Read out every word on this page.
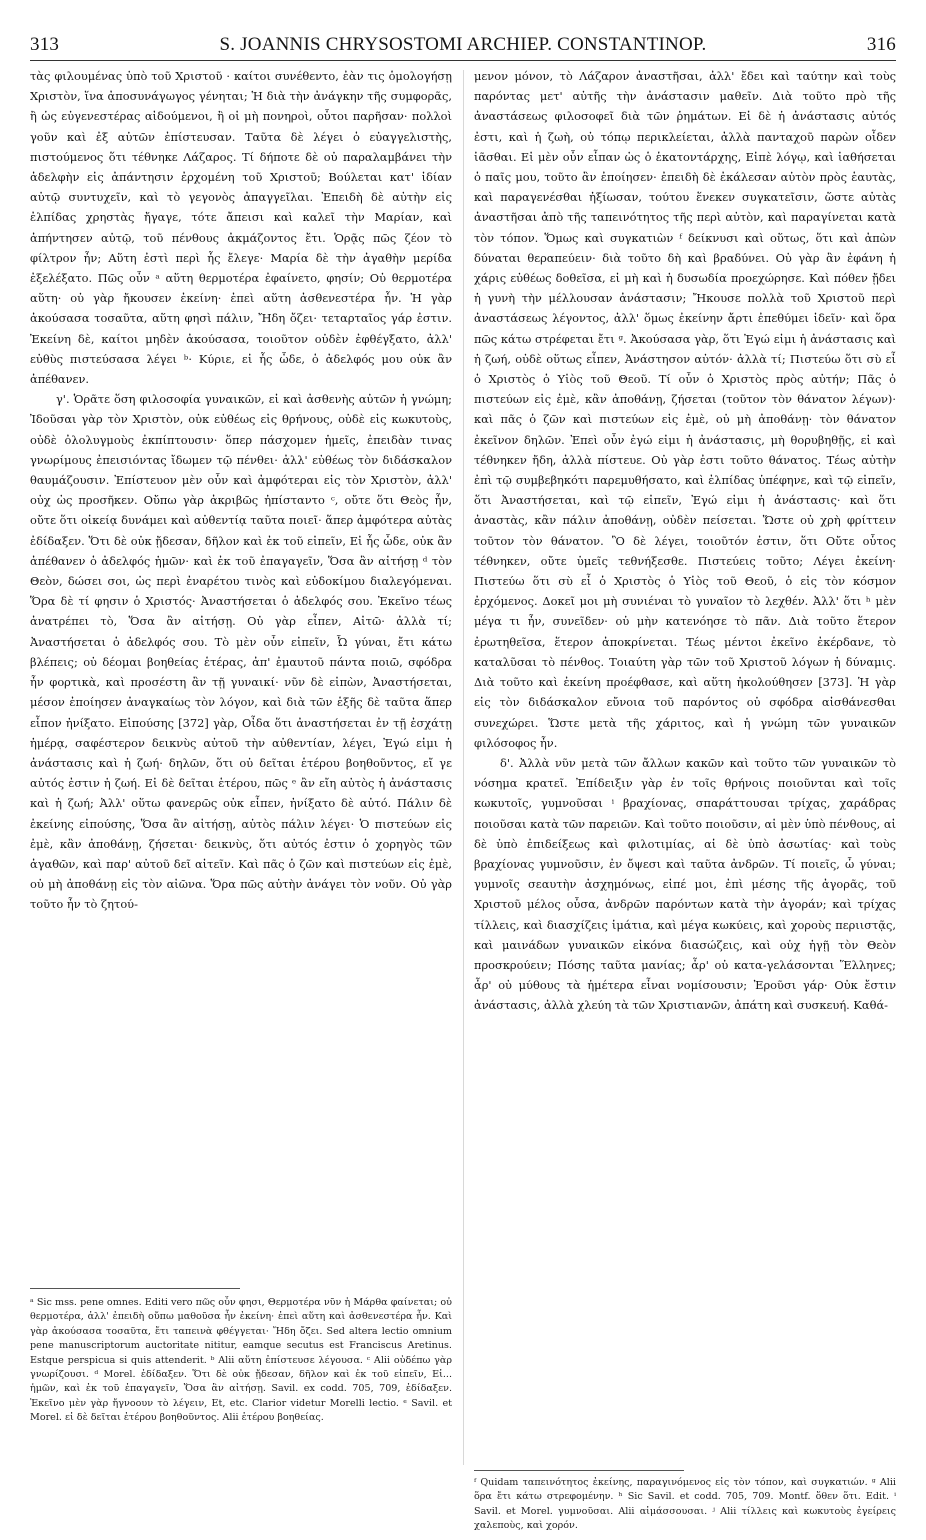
313	S. JOANNIS CHRYSOSTOMI ARCHIEP. CONSTANTINOP.	316

τὰς φιλουμένας ὑπὸ τοῦ Χριστοῦ · καίτοι συνέθεντο, ἐὰν τις ὁμολογήσῃ Χριστὸν, ἵνα ἀποσυνάγωγος γένηται; Ἡ διὰ τὴν ἀνάγκην τῆς συμφορᾶς, ἢ ὡς εὐγενεστέρας αἰδούμενοι, ἢ οἱ μὴ πονηροὶ, οὗτοι παρῆσαν· πολλοὶ γοῦν καὶ ἐξ αὐτῶν ἐπίστευσαν. Ταῦτα δὲ λέγει ὁ εὐαγγελιστὴς, πιστούμενος ὅτι τέθνηκε Λάζαρος. Τί δήποτε δὲ οὐ παραλαμβάνει τὴν ἀδελφὴν εἰς ἀπάντησιν ἐρχομένη τοῦ Χριστοῦ; Βούλεται κατ' ἰδίαν αὐτῷ συντυχεῖν, καὶ τὸ γεγονὸς ἀπαγγεῖλαι. Ἐπειδὴ δὲ αὐτὴν εἰς ἐλπίδας χρηστὰς ἤγαγε, τότε ἄπεισι καὶ καλεῖ τὴν Μαρίαν, καὶ ἀπήντησεν αὐτῷ, τοῦ πένθους ἀκμάζοντος ἔτι. Ὁρᾷς πῶς ζέον τὸ φίλτρον ἦν; Αὕτη ἐστὶ περὶ ἧς ἔλεγε· Μαρία δὲ τὴν ἀγαθὴν μερίδα ἐξελέξατο. Πῶς οὖν ᵃ αὕτη θερμοτέρα ἐφαίνετο, φησίν; Οὐ θερμοτέρα αὕτη· οὐ γὰρ ἤκουσεν ἐκείνη· ἐπεὶ αὕτη ἀσθενεστέρα ἦν. Ἡ γὰρ ἀκούσασα τοσαῦτα, αὕτη φησὶ πάλιν, Ἤδη ὄζει· τεταρταῖος γάρ ἐστιν. Ἐκείνη δὲ, καίτοι μηδὲν ἀκούσασα, τοιοῦτον οὐδὲν ἐφθέγξατο, ἀλλ' εὐθὺς πιστεύσασα λέγει ᵇ· Κύριε, εἰ ἦς ὧδε, ὁ ἀδελφός μου οὐκ ἂν ἀπέθανεν.

γ'. Ὁρᾶτε ὅση φιλοσοφία γυναικῶν, εἰ καὶ ἀσθενὴς αὐτῶν ἡ γνώμη; Ἰδοῦσαι γὰρ τὸν Χριστὸν, οὐκ εὐθέως εἰς θρήνους, οὐδὲ εἰς κωκυτοὺς, οὐδὲ ὀλολυγμοὺς ἐκπίπτουσιν· ὅπερ πάσχομεν ἡμεῖς, ἐπειδὰν τινας γνωρίμους ἐπεισιόντας ἴδωμεν τῷ πένθει· ἀλλ' εὐθέως τὸν διδάσκαλον θαυμάζουσιν. Ἐπίστευον μὲν οὖν καὶ ἀμφότεραι εἰς τὸν Χριστὸν, ἀλλ' οὐχ ὡς προσῆκεν. Οὔπω γὰρ ἀκριβῶς ἠπίσταντο ᶜ, οὔτε ὅτι Θεὸς ἦν, οὔτε ὅτι οἰκείᾳ δυνάμει καὶ αὐθεντίᾳ ταῦτα ποιεῖ· ἅπερ ἀμφότερα αὐτὰς ἐδίδαξεν. Ὅτι δὲ οὐκ ᾔδεσαν, δῆλον καὶ ἐκ τοῦ εἰπεῖν, Εἰ ἦς ὧδε, οὐκ ἂν ἀπέθανεν ὁ ἀδελφός ἡμῶν· καὶ ἐκ τοῦ ἐπαγαγεῖν, Ὅσα ἂν αἰτήσῃ ᵈ τὸν Θεὸν, δώσει σοι, ὡς περὶ ἐναρέτου τινὸς καὶ εὐδοκίμου διαλεγόμεναι. Ὅρα δὲ τί φησιν ὁ Χριστός· Ἀναστήσεται ὁ ἀδελφός σου. Ἐκεῖνο τέως ἀνατρέπει τὸ, Ὅσα ἂν αἰτήσῃ. Οὐ γὰρ εἶπεν, Αἰτῶ· ἀλλὰ τί; Ἀναστήσεται ὁ ἀδελφός σου. Τὸ μὲν οὖν εἰπεῖν, Ὦ γύναι, ἔτι κάτω βλέπεις; οὐ δέομαι βοηθείας ἑτέρας, ἀπ' ἐμαυτοῦ πάντα ποιῶ, σφόδρα ἦν φορτικὰ, καὶ προσέστη ἂν τῇ γυναικί· νῦν δὲ εἰπὼν, Ἀναστήσεται, μέσον ἐποίησεν ἀναγκαίως τὸν λόγον, καὶ διὰ τῶν ἑξῆς δὲ ταῦτα ἅπερ εἶπον ἠνίξατο. Εἰπούσης [372] γὰρ, Οἶδα ὅτι ἀναστήσεται ἐν τῇ ἐσχάτῃ ἡμέρᾳ, σαφέστερον δεικνὺς αὐτοῦ τὴν αὐθεντίαν, λέγει, Ἐγώ εἰμι ἡ ἀνάστασις καὶ ἡ ζωή· δηλῶν, ὅτι οὐ δεῖται ἑτέρου βοηθοῦντος, εἴ γε αὐτός ἐστιν ἡ ζωή. Εἰ δὲ δεῖται ἑτέρου, πῶς ᵉ ἂν εἴη αὐτὸς ἡ ἀνάστασις καὶ ἡ ζωή; Ἀλλ' οὕτω φανερῶς οὐκ εἶπεν, ἠνίξατο δὲ αὐτό. Πάλιν δὲ ἐκείνης εἰπούσης, Ὅσα ἂν αἰτήσῃ, αὐτὸς πάλιν λέγει· Ὁ πιστεύων εἰς ἐμὲ, κἂν ἀποθάνῃ, ζήσεται· δεικνὺς, ὅτι αὐτός ἐστιν ὁ χορηγὸς τῶν ἀγαθῶν, καὶ παρ' αὐτοῦ δεῖ αἰτεῖν. Καὶ πᾶς ὁ ζῶν καὶ πιστεύων εἰς ἐμὲ, οὐ μὴ ἀποθάνῃ εἰς τὸν αἰῶνα. Ὅρα πῶς αὐτὴν ἀνάγει τὸν νοῦν. Οὐ γὰρ τοῦτο ἦν τὸ ζητού-

μενον μόνον, τὸ Λάζαρον ἀναστῆσαι, ἀλλ' ἔδει καὶ ταύτην καὶ τοὺς παρόντας μετ' αὐτῆς τὴν ἀνάστασιν μαθεῖν. Διὰ τοῦτο πρὸ τῆς ἀναστάσεως φιλοσοφεῖ διὰ τῶν ῥημάτων. Εἰ δὲ ἡ ἀνάστασις αὐτός ἐστι, καὶ ἡ ζωὴ, οὐ τόπῳ περικλείεται, ἀλλὰ πανταχοῦ παρὼν οἶδεν ἰᾶσθαι. Εἰ μὲν οὖν εἶπαν ὡς ὁ ἑκατοντάρχης, Εἰπὲ λόγῳ, καὶ ἰαθήσεται ὁ παῖς μου, τοῦτο ἂν ἐποίησεν· ἐπειδὴ δὲ ἐκάλεσαν αὐτὸν πρὸς ἑαυτὰς, καὶ παραγενέσθαι ἠξίωσαν, τούτου ἕνεκεν συγκατεῖσιν, ὥστε αὐτὰς ἀναστῆσαι ἀπὸ τῆς ταπεινότητος τῆς περὶ αὐτὸν, καὶ παραγίνεται κατὰ τὸν τόπον. Ὅμως καὶ συγκατιὼν ᶠ δείκνυσι καὶ οὕτως, ὅτι καὶ ἀπὼν δύναται θεραπεύειν· διὰ τοῦτο δὴ καὶ βραδύνει. Οὐ γὰρ ἂν ἐφάνη ἡ χάρις εὐθέως δοθεῖσα, εἰ μὴ καὶ ἡ δυσωδία προεχώρησε. Καὶ πόθεν ᾔδει ἡ γυνὴ τὴν μέλλουσαν ἀνάστασιν; Ἤκουσε πολλὰ τοῦ Χριστοῦ περὶ ἀναστάσεως λέγοντος, ἀλλ' ὅμως ἐκείνην ἄρτι ἐπεθύμει ἰδεῖν· καὶ ὅρα πῶς κάτω στρέφεται ἔτι ᵍ. Ἀκούσασα γὰρ, ὅτι Ἐγώ εἰμι ἡ ἀνάστασις καὶ ἡ ζωή, οὐδὲ οὕτως εἶπεν, Ἀνάστησον αὐτόν· ἀλλὰ τί; Πιστεύω ὅτι σὺ εἶ ὁ Χριστὸς ὁ Υἱὸς τοῦ Θεοῦ. Τί οὖν ὁ Χριστὸς πρὸς αὐτήν; Πᾶς ὁ πιστεύων εἰς ἐμὲ, κἂν ἀποθάνῃ, ζήσεται (τοῦτον τὸν θάνατον λέγων)· καὶ πᾶς ὁ ζῶν καὶ πιστεύων εἰς ἐμὲ, οὐ μὴ ἀποθάνῃ· τὸν θάνατον ἐκεῖνον δηλῶν. Ἐπεὶ οὖν ἐγώ εἰμι ἡ ἀνάστασις, μὴ θορυβηθῇς, εἰ καὶ τέθνηκεν ἤδη, ἀλλὰ πίστευε. Οὐ γὰρ ἐστι τοῦτο θάνατος. Τέως αὐτὴν ἐπὶ τῷ συμβεβηκότι παρεμυθήσατο, καὶ ἐλπίδας ὑπέφηνε, καὶ τῷ εἰπεῖν, ὅτι Ἀναστήσεται, καὶ τῷ εἰπεῖν, Ἐγώ εἰμι ἡ ἀνάστασις· καὶ ὅτι ἀναστὰς, κἂν πάλιν ἀποθάνῃ, οὐδὲν πείσεται. Ὥστε οὐ χρὴ φρίττειν τοῦτον τὸν θάνατον. Ὃ δὲ λέγει, τοιοῦτόν ἐστιν, ὅτι Οὔτε οὗτος τέθνηκεν, οὔτε ὑμεῖς τεθνήξεσθε. Πιστεύεις τοῦτο; Λέγει ἐκείνη· Πιστεύω ὅτι σὺ εἶ ὁ Χριστὸς ὁ Υἱὸς τοῦ Θεοῦ, ὁ εἰς τὸν κόσμον ἐρχόμενος. Δοκεῖ μοι μὴ συνιέναι τὸ γυναῖον τὸ λεχθέν. Ἀλλ' ὅτι ʰ μὲν μέγα τι ἦν, συνεῖδεν· οὐ μὴν κατενόησε τὸ πᾶν. Διὰ τοῦτο ἕτερον ἐρωτηθεῖσα, ἕτερον ἀποκρίνεται. Τέως μέντοι ἐκεῖνο ἐκέρδανε, τὸ καταλῦσαι τὸ πένθος. Τοιαύτη γὰρ τῶν τοῦ Χριστοῦ λόγων ἡ δύναμις. Διὰ τοῦτο καὶ ἐκείνη προέφθασε, καὶ αὕτη ἠκολούθησεν [373]. Ἡ γὰρ εἰς τὸν διδάσκαλον εὔνοια τοῦ παρόντος οὐ σφόδρα αἰσθάνεσθαι συνεχώρει. Ὥστε μετὰ τῆς χάριτος, καὶ ἡ γνώμη τῶν γυναικῶν φιλόσοφος ἦν.

δ'. Ἀλλὰ νῦν μετὰ τῶν ἄλλων κακῶν καὶ τοῦτο τῶν γυναικῶν τὸ νόσημα κρατεῖ. Ἐπίδειξιν γὰρ ἐν τοῖς θρήνοις ποιοῦνται καὶ τοῖς κωκυτοῖς, γυμνοῦσαι ⁱ βραχίονας, σπαράττουσαι τρίχας, χαράδρας ποιοῦσαι κατὰ τῶν παρειῶν. Καὶ τοῦτο ποιοῦσιν, αἱ μὲν ὑπὸ πένθους, αἱ δὲ ὑπὸ ἐπιδείξεως καὶ φιλοτιμίας, αἱ δὲ ὑπὸ ἀσωτίας· καὶ τοὺς βραχίονας γυμνοῦσιν, ἐν ὄψεσι καὶ ταῦτα ἀνδρῶν. Τί ποιεῖς, ὦ γύναι; γυμνοῖς σεαυτὴν ἀσχημόνως, εἰπέ μοι, ἐπὶ μέσης τῆς ἀγορᾶς, τοῦ Χριστοῦ μέλος οὖσα, ἀνδρῶν παρόντων κατὰ τὴν ἀγοράν; καὶ τρίχας τίλλεις, καὶ διασχίζεις ἱμάτια, καὶ μέγα κωκύεις, καὶ χοροὺς περιιστᾷς, καὶ μαινάδων γυναικῶν εἰκόνα διασώζεις, καὶ οὐχ ἡγῇ τὸν Θεὸν προσκρούειν; Πόσης ταῦτα μανίας; ἆρ' οὐ κατα-γελάσονται Ἕλληνες; ἆρ' οὐ μύθους τὰ ἡμέτερα εἶναι νομίσουσιν; Ἐροῦσι γάρ· Οὐκ ἔστιν ἀνάστασις, ἀλλὰ χλεύη τὰ τῶν Χριστιανῶν, ἀπάτη καὶ συσκευή. Καθά-

ᵃ Sic mss. pene omnes. Editi vero πῶς οὖν φησι, Θερμοτέρα νῦν ἡ Μάρθα φαίνεται; οὐ θερμοτέρα, ἀλλ' ἐπειδὴ οὔπω μαθοῦσα ἦν ἐκείνη· ἐπεὶ αὕτη καὶ ἀσθενεστέρα ἦν. Καὶ γὰρ ἀκούσασα τοσαῦτα, ἔτι ταπεινὰ φθέγγεται· Ἤδη ὄζει. Sed altera lectio omnium pene manuscriptorum auctoritate nititur, eamque secutus est Franciscus Aretinus. Estque perspicua si quis attenderit. ᵇ Alii αὕτη ἐπίστευσε λέγουσα. ᶜ Alii οὐδέπω γὰρ γνωρίζουσι. ᵈ Morel. ἐδίδαξεν. Ὅτι δὲ οὐκ ᾔδεσαν, δῆλον καὶ ἐκ τοῦ εἰπεῖν, Εἰ... ἡμῶν, καὶ ἐκ τοῦ ἐπαγαγεῖν, Ὅσα ἂν αἰτήσῃ. Savil. ex codd. 705, 709, ἐδίδαξεν. Ἐκεῖνο μὲν γὰρ ἤγνοουν τὸ λέγειν, Et, etc. Clarior videtur Morelli lectio. ᵉ Savil. et Morel. εἰ δὲ δεῖται ἑτέρου βοηθοῦντος. Alii ἑτέρου βοηθείας.

ᶠ Quidam ταπεινότητος ἐκείνης, παραγινόμενος εἰς τὸν τόπον, καὶ συγκατιών. ᵍ Alii ὅρα ἔτι κάτω στρεφομένην. ʰ Sic Savil. et codd. 705, 709. Montf. ὅθεν ὅτι. Edit. ⁱ Savil. et Morel. γυμνοῦσαι. Alii αἰμάσσουσαι. ʲ Alii τίλλεις καὶ κωκυτοὺς ἐγείρεις χαλεποὺς, καὶ χορόν.
